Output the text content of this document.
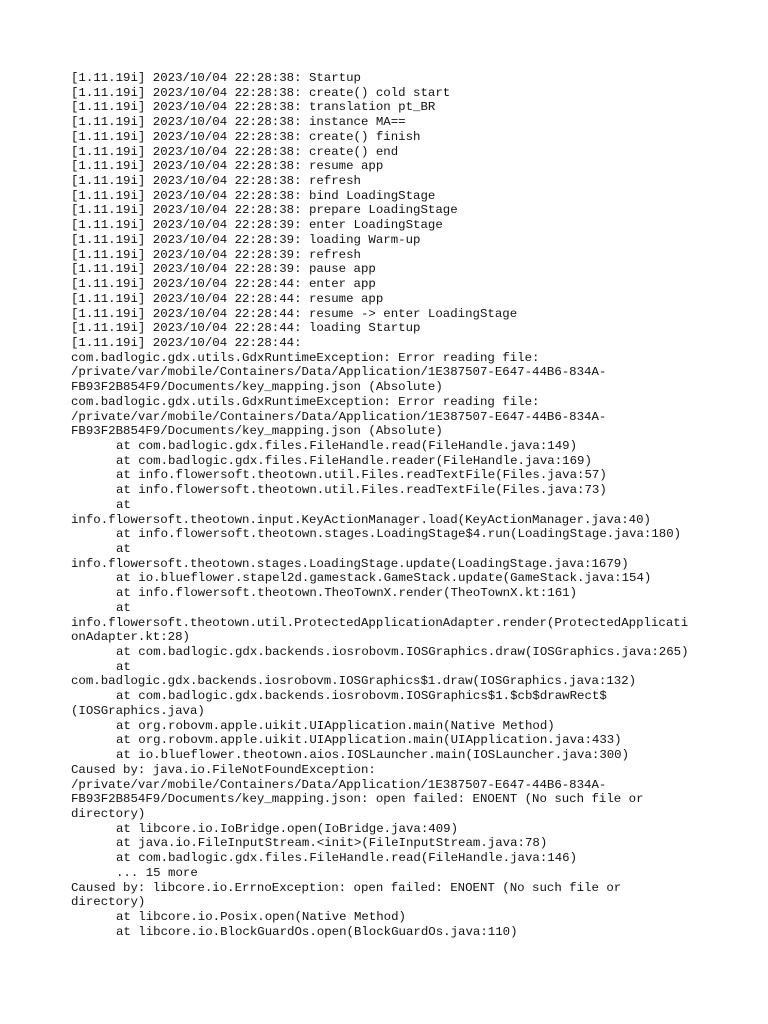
[1.11.19i] 2023/10/04 22:28:38: Startup
[1.11.19i] 2023/10/04 22:28:38: create() cold start
[1.11.19i] 2023/10/04 22:28:38: translation pt_BR
[1.11.19i] 2023/10/04 22:28:38: instance MA==
[1.11.19i] 2023/10/04 22:28:38: create() finish
[1.11.19i] 2023/10/04 22:28:38: create() end
[1.11.19i] 2023/10/04 22:28:38: resume app
[1.11.19i] 2023/10/04 22:28:38: refresh
[1.11.19i] 2023/10/04 22:28:38: bind LoadingStage
[1.11.19i] 2023/10/04 22:28:38: prepare LoadingStage
[1.11.19i] 2023/10/04 22:28:39: enter LoadingStage
[1.11.19i] 2023/10/04 22:28:39: loading Warm-up
[1.11.19i] 2023/10/04 22:28:39: refresh
[1.11.19i] 2023/10/04 22:28:39: pause app
[1.11.19i] 2023/10/04 22:28:44: enter app
[1.11.19i] 2023/10/04 22:28:44: resume app
[1.11.19i] 2023/10/04 22:28:44: resume -> enter LoadingStage
[1.11.19i] 2023/10/04 22:28:44: loading Startup
[1.11.19i] 2023/10/04 22:28:44:
com.badlogic.gdx.utils.GdxRuntimeException: Error reading file:
/private/var/mobile/Containers/Data/Application/1E387507-E647-44B6-834A-
FB93F2B854F9/Documents/key_mapping.json (Absolute)
com.badlogic.gdx.utils.GdxRuntimeException: Error reading file:
/private/var/mobile/Containers/Data/Application/1E387507-E647-44B6-834A-
FB93F2B854F9/Documents/key_mapping.json (Absolute)
at com.badlogic.gdx.files.FileHandle.read(FileHandle.java:149)
at com.badlogic.gdx.files.FileHandle.reader(FileHandle.java:169)
at info.flowersoft.theotown.util.Files.readTextFile(Files.java:57)
at info.flowersoft.theotown.util.Files.readTextFile(Files.java:73)
at
info.flowersoft.theotown.input.KeyActionManager.load(KeyActionManager.java:40)
at info.flowersoft.theotown.stages.LoadingStage$4.run(LoadingStage.java:180)
at
info.flowersoft.theotown.stages.LoadingStage.update(LoadingStage.java:1679)
at io.blueflower.stapel2d.gamestack.GameStack.update(GameStack.java:154)
at info.flowersoft.theotown.TheoTownX.render(TheoTownX.kt:161)
at
info.flowersoft.theotown.util.ProtectedApplicationAdapter.render(ProtectedApplicati
onAdapter.kt:28)
at com.badlogic.gdx.backends.iosrobovm.IOSGraphics.draw(IOSGraphics.java:265)
at
com.badlogic.gdx.backends.iosrobovm.IOSGraphics$1.draw(IOSGraphics.java:132)
at com.badlogic.gdx.backends.iosrobovm.IOSGraphics$1.$cb$drawRect$
(IOSGraphics.java)
at org.robovm.apple.uikit.UIApplication.main(Native Method)
at org.robovm.apple.uikit.UIApplication.main(UIApplication.java:433)
at io.blueflower.theotown.aios.IOSLauncher.main(IOSLauncher.java:300)
Caused by: java.io.FileNotFoundException:
/private/var/mobile/Containers/Data/Application/1E387507-E647-44B6-834A-
FB93F2B854F9/Documents/key_mapping.json: open failed: ENOENT (No such file or
directory)
at libcore.io.IoBridge.open(IoBridge.java:409)
at java.io.FileInputStream.<init>(FileInputStream.java:78)
at com.badlogic.gdx.files.FileHandle.read(FileHandle.java:146)
... 15 more
Caused by: libcore.io.ErrnoException: open failed: ENOENT (No such file or
directory)
at libcore.io.Posix.open(Native Method)
at libcore.io.BlockGuardOs.open(BlockGuardOs.java:110)
